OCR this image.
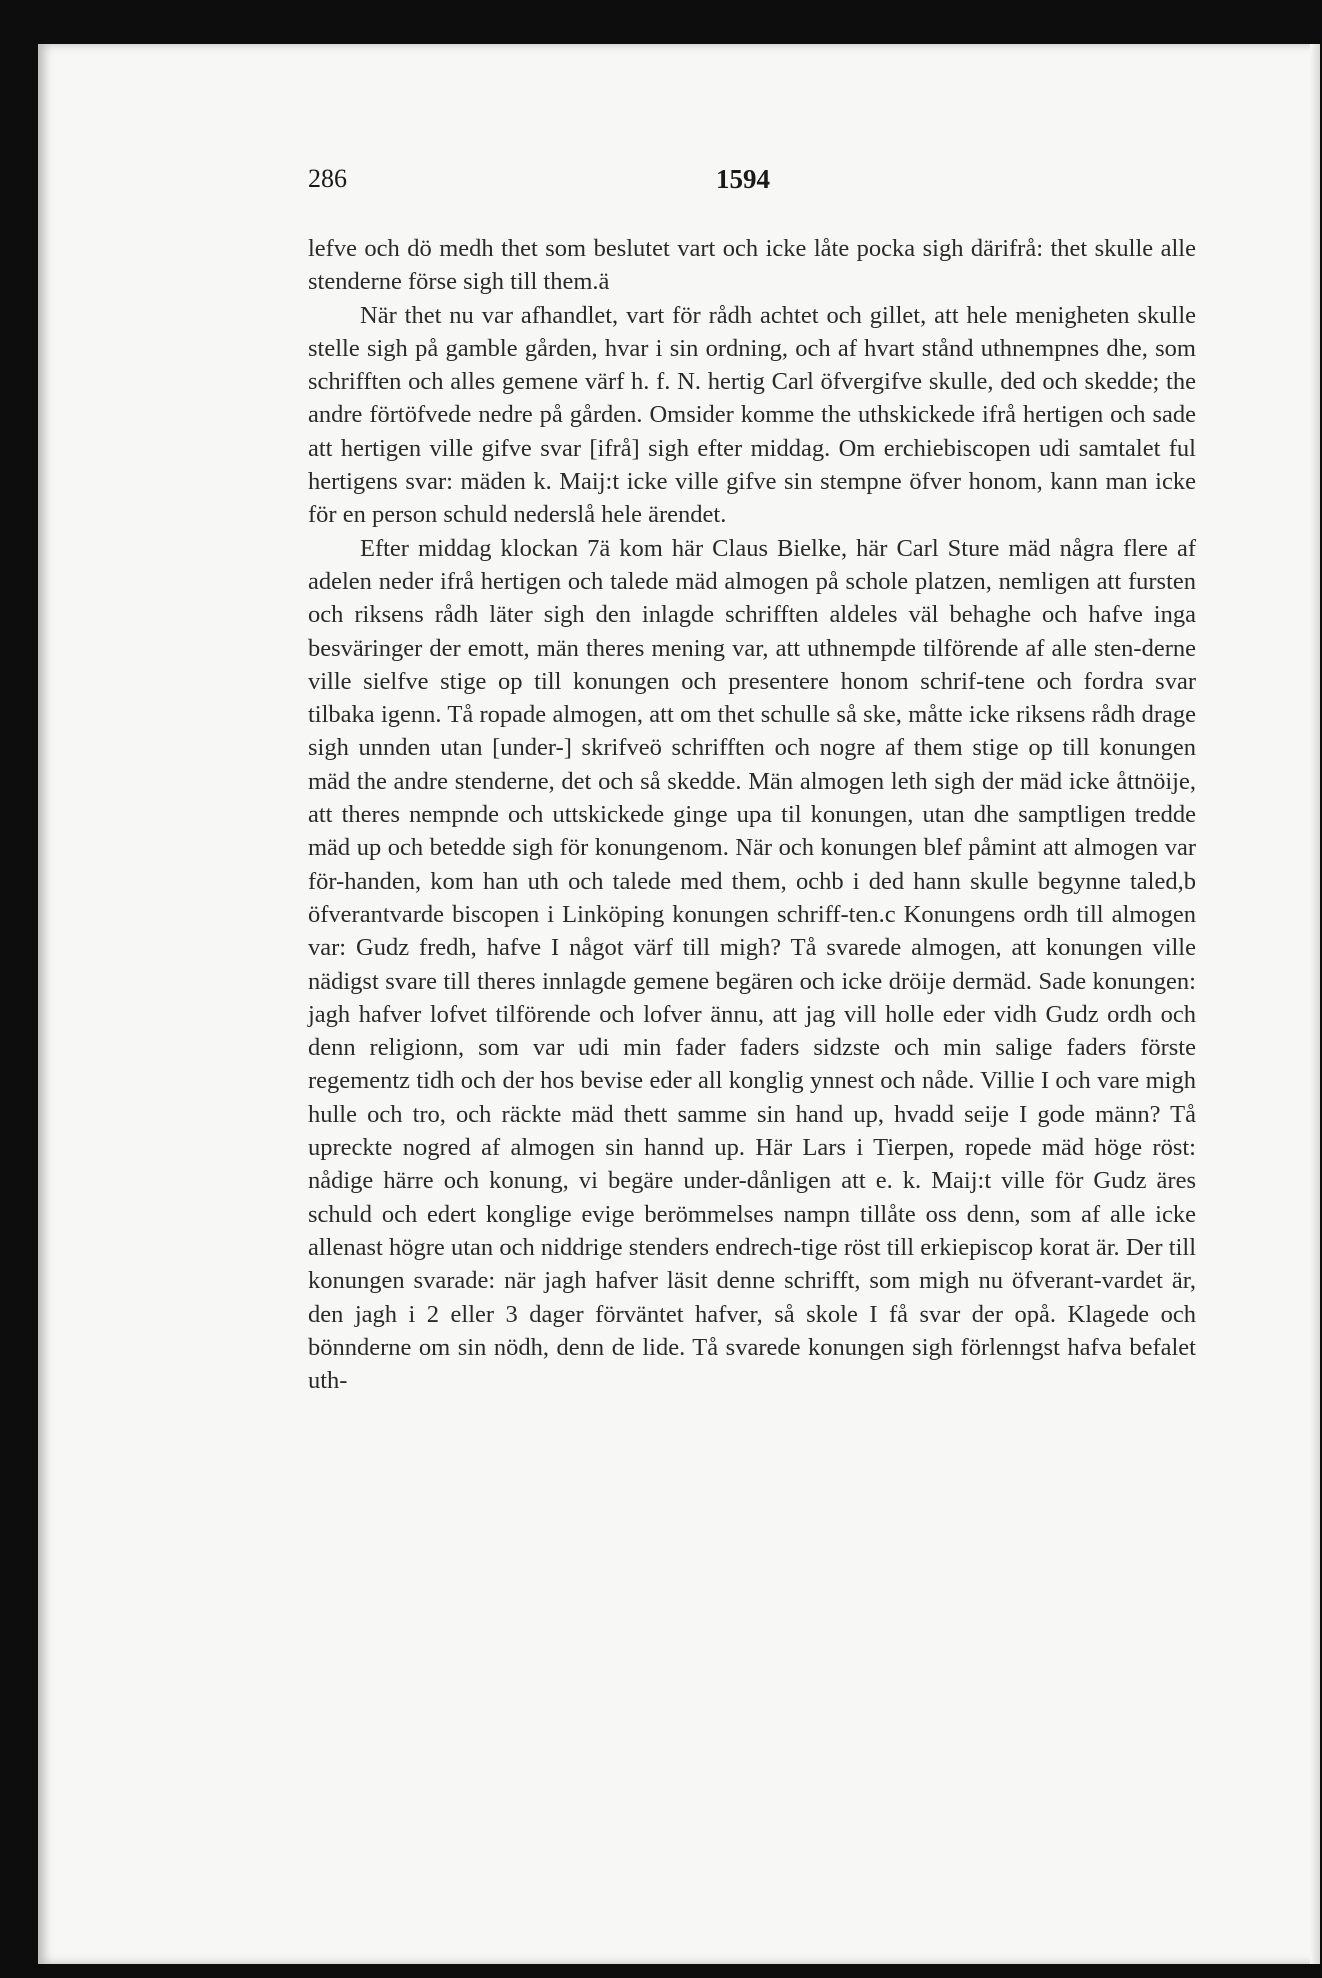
286	1594

lefve och dö medh thet som beslutet vart och icke låte pocka sigh därifrå: thet skulle alle stenderne förse sigh till them.ä

När thet nu var afhandlet, vart för rådh achtet och gillet, att hele menigheten skulle stelle sigh på gamble gården, hvar i sin ordning, och af hvart stånd uthnempnes dhe, som schrifften och alles gemene värf h. f. N. hertig Carl öfvergifve skulle, ded och skedde; the andre förtöfvede nedre på gården. Omsider komme the uthskickede ifrå hertigen och sade att hertigen ville gifve svar [ifrå] sigh efter middag. Om erchiebiscopen udi samtalet ful hertigens svar: mäden k. Maij:t icke ville gifve sin stempne öfver honom, kann man icke för en person schuld nederslå hele ärendet.

Efter middag klockan 7ä kom här Claus Bielke, här Carl Sture mäd några flere af adelen neder ifrå hertigen och talede mäd almogen på schole platzen, nemligen att fursten och riksens rådh läter sigh den inlagde schrifften aldeles väl behaghe och hafve inga besväringer der emott, män theres mening var, att uthnempde tilförende af alle sten-derne ville sielfve stige op till konungen och presentere honom schrif-tene och fordra svar tilbaka igenn. Tå ropade almogen, att om thet schulle så ske, måtte icke riksens rådh drage sigh unnden utan [under-] skrifveö schrifften och nogre af them stige op till konungen mäd the andre stenderne, det och så skedde. Män almogen leth sigh der mäd icke åttnöije, att theres nempnde och uttskickede ginge upa til konungen, utan dhe samptligen tredde mäd up och betedde sigh för konungenom. När och konungen blef påmint att almogen var för-handen, kom han uth och talede med them, ochb i ded hann skulle begynne taled,b öfverantvarde biscopen i Linköping konungen schriff-ten.c Konungens ordh till almogen var: Gudz fredh, hafve I något värf till migh? Tå svarede almogen, att konungen ville nädigst svare till theres innlagde gemene begären och icke dröije dermäd. Sade konungen: jagh hafver lofvet tilförende och lofver ännu, att jag vill holle eder vidh Gudz ordh och denn religionn, som var udi min fader faders sidzste och min salige faders förste regementz tidh och der hos bevise eder all konglig ynnest och nåde. Villie I och vare migh hulle och tro, och räckte mäd thett samme sin hand up, hvadd seije I gode männ? Tå upreckte nogred af almogen sin hannd up. Här Lars i Tierpen, ropede mäd höge röst: nådige härre och konung, vi begäre under-dånligen att e. k. Maij:t ville för Gudz äres schuld och edert konglige evige berömmelses nampn tillåte oss denn, som af alle icke allenast högre utan och niddrige stenders endrech-tige röst till erkiepiscop korat är. Der till konungen svarade: när jagh hafver läsit denne schrifft, som migh nu öfverant-vardet är, den jagh i 2 eller 3 dager förväntet hafver, så skole I få svar der opå. Klagede och bönnderne om sin nödh, denn de lide. Tå svarede konungen sigh förlenngst hafva befalet uth-
